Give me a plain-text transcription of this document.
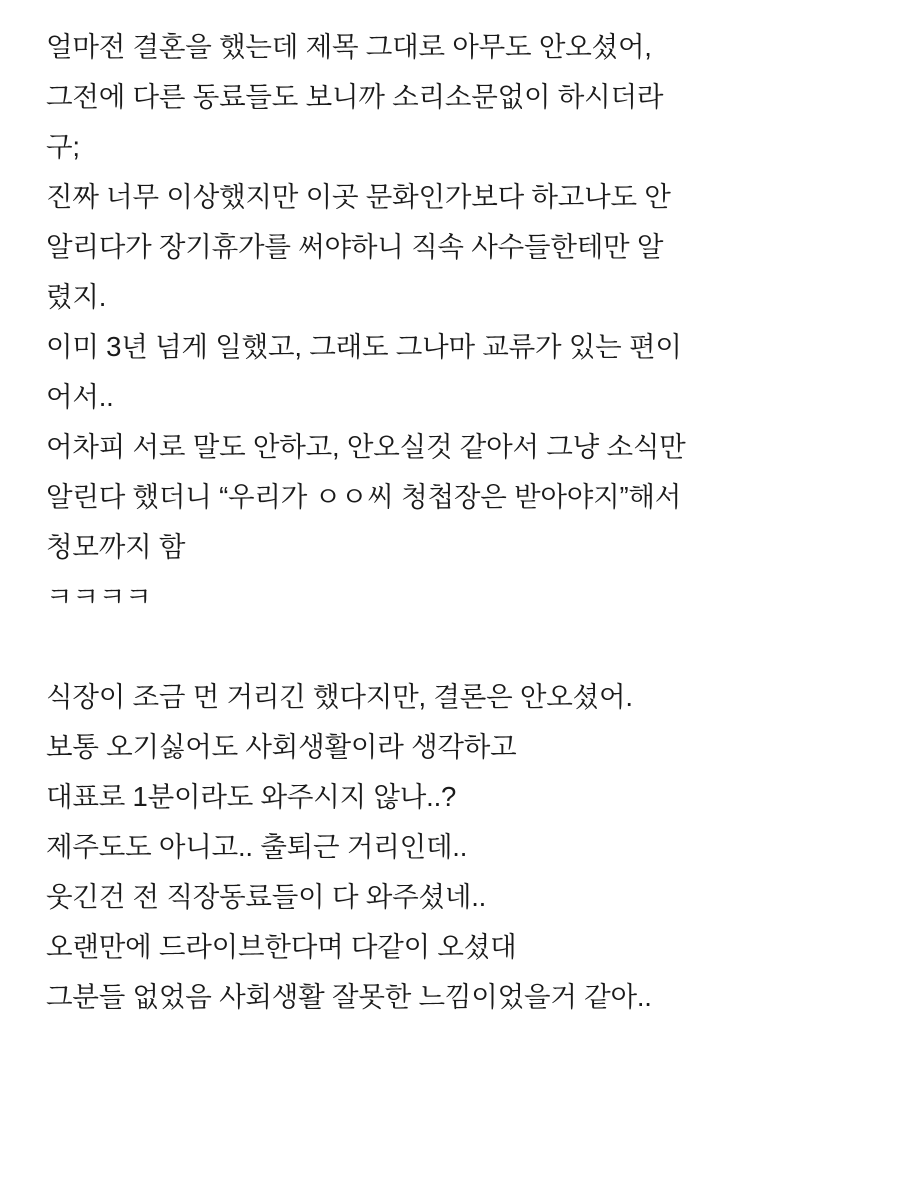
얼마전 결혼을 했는데 제목 그대로 아무도 안오셨어,
그전에 다른 동료들도 보니까 소리소문없이 하시더라
구;
진짜 너무 이상했지만 이곳 문화인가보다 하고나도 안
알리다가 장기휴가를 써야하니 직속 사수들한테만 알
렸지.
이미 3년 넘게 일했고, 그래도 그나마 교류가 있는 편이
어서..
어차피 서로 말도 안하고, 안오실것 같아서 그냥 소식만
알린다 했더니 “우리가 ㅇㅇ씨 청첩장은 받아야지”해서
청모까지 함
ㅋㅋㅋㅋ

식장이 조금 먼 거리긴 했다지만, 결론은 안오셨어.
보통 오기싫어도 사회생활이라 생각하고
대표로 1분이라도 와주시지 않나..?
제주도도 아니고.. 출퇴근 거리인데..
웃긴건 전 직장동료들이 다 와주셨네..
오랜만에 드라이브한다며 다같이 오셨대
그분들 없었음 사회생활 잘못한 느낌이었을거 같아..
